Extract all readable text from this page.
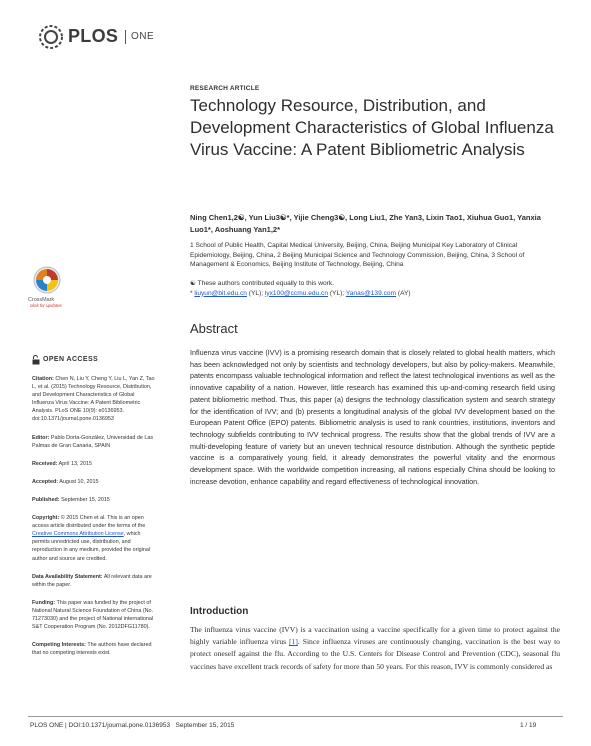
PLOS ONE
RESEARCH ARTICLE
Technology Resource, Distribution, and Development Characteristics of Global Influenza Virus Vaccine: A Patent Bibliometric Analysis
Ning Chen1,2☯, Yun Liu3☯*, Yijie Cheng3☯, Long Liu1, Zhe Yan3, Lixin Tao1, Xiuhua Guo1, Yanxia Luo1*, Aoshuang Yan1,2*
1 School of Public Health, Capital Medical University, Beijing, China, Beijing Municipal Key Laboratory of Clinical Epidemiology, Beijing, China, 2 Beijing Municipal Science and Technology Commission, Beijing, China, 3 School of Management & Economics, Beijing Institute of Technology, Beijing, China
☯ These authors contributed equally to this work.
* liuyun@bit.edu.cn (YL); lyx100@ccmu.edu.cn (YL); Yanas@139.com (AY)
CrossMark
click for updates
Abstract
Influenza virus vaccine (IVV) is a promising research domain that is closely related to global health matters, which has been acknowledged not only by scientists and technology developers, but also by policy-makers. Meanwhile, patents encompass valuable technological information and reflect the latest technological inventions as well as the innovative capability of a nation. However, little research has examined this up-and-coming research field using patent bibliometric method. Thus, this paper (a) designs the technology classification system and search strategy for the identification of IVV; and (b) presents a longitudinal analysis of the global IVV development based on the European Patent Office (EPO) patents. Bibliometric analysis is used to rank countries, institutions, inventors and technology subfields contributing to IVV technical progress. The results show that the global trends of IVV are a multi-developing feature of variety but an uneven technical resource distribution. Although the synthetic peptide vaccine is a comparatively young field, it already demonstrates the powerful vitality and the enormous development space. With the worldwide competition increasing, all nations especially China should be looking to increase devotion, enhance capability and regard effectiveness of technological innovation.
OPEN ACCESS

Citation: Chen N, Liu Y, Cheng Y, Liu L, Yan Z, Tao L, et al. (2015) Technology Resource, Distribution, and Development Characteristics of Global Influenza Virus Vaccine: A Patent Bibliometric Analysis. PLoS ONE 10(9): e0136953. doi:10.1371/journal.pone.0136953

Editor: Pablo Dorta-González, Universidad de Las Palmas de Gran Canaria, SPAIN

Received: April 13, 2015

Accepted: August 10, 2015

Published: September 15, 2015

Copyright: © 2015 Chen et al. This is an open access article distributed under the terms of the Creative Commons Attribution License, which permits unrestricted use, distribution, and reproduction in any medium, provided the original author and source are credited.

Data Availability Statement: All relevant data are within the paper.

Funding: This paper was funded by the project of National Natural Science Foundation of China (No. 71273030) and the project of National international S&T Cooperation Program (No. 2012DFG11780).

Competing Interests: The authors have declared that no competing interests exist.

Introduction
The influenza virus vaccine (IVV) is a vaccination using a vaccine specifically for a given time to protect against the highly variable influenza virus [1]. Since influenza viruses are continuously changing, vaccination is the best way to protect oneself against the flu. According to the U.S. Centers for Disease Control and Prevention (CDC), seasonal flu vaccines have excellent track records of safety for more than 50 years. For this reason, IVV is commonly considered as
PLOS ONE | DOI:10.1371/journal.pone.0136953   September 15, 2015	1 / 19
